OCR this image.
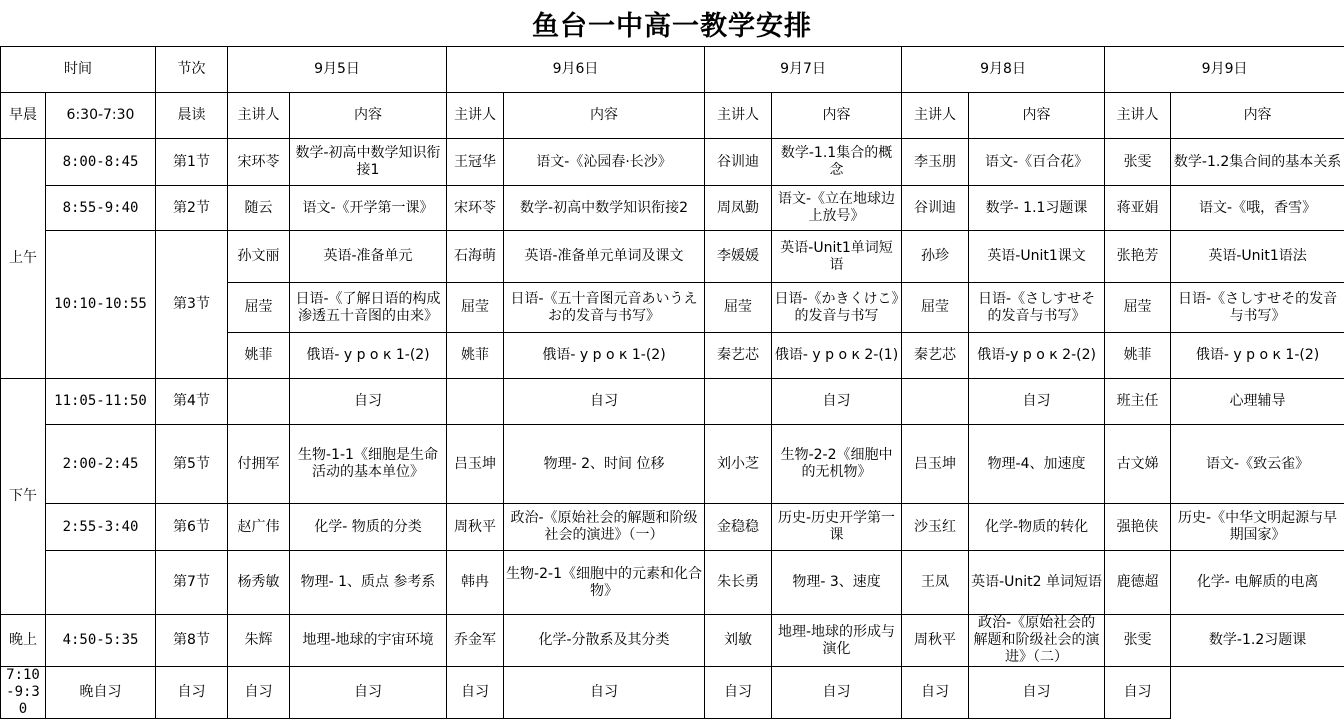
鱼台一中高一教学安排
时间		节次	9月5日		9月6日		9月7日		9月8日		9月9日	
早晨	6:30-7:30	晨读	主讲人	内容	主讲人	内容	主讲人	内容	主讲人	内容	主讲人	内容
上午	8:00-8:45	第1节	宋环苓	数学-初高中数学知识衔接1	王冠华	语文-《沁园春·长沙》	谷训迪	数学-1.1集合的概念	李玉朋	语文-《百合花》	张雯	数学-1.2集合间的基本关系
	8:55-9:40	第2节	随云	语文-《开学第一课》	宋环苓	数学-初高中数学知识衔接2	周凤勤	语文-《立在地球边上放号》	谷训迪	数学- 1.1习题课	蒋亚娟	语文-《哦，香雪》
	10:10-10:55	第3节	孙文丽	英语-准备单元	石海萌	英语-准备单元单词及课文	李媛媛	英语-Unit1单词短语	孙珍	英语-Unit1课文	张艳芳	英语-Unit1语法
			屈莹	日语-《了解日语的构成渗透五十音图的由来》	屈莹	日语-《五十音图元音あいうえお的发音与书写》	屈莹	日语-《かきくけこ》的发音与书写	屈莹	日语-《さしすせそ的发音与书写》	屈莹	日语-《さしすせそ的发音与书写》
			姚菲	俄语- у р о к 1-(2)	姚菲	俄语- у р о к 1-(2)	秦艺芯	俄语- у р о к 2-(1)	秦艺芯	俄语-у р о к 2-(2)	姚菲	俄语- у р о к 1-(2)
下午	11:05-11:50	第4节		自习		自习		自习		自习	班主任	心理辅导
	2:00-2:45	第5节	付拥军	生物-1-1《细胞是生命活动的基本单位》	吕玉坤	物理- 2、时间 位移	刘小芝	生物-2-2《细胞中的无机物》	吕玉坤	物理-4、加速度	古文娣	语文-《致云雀》
	2:55-3:40	第6节	赵广伟	化学- 物质的分类	周秋平	政治-《原始社会的解题和阶级社会的演进》（一）	金稳稳	历史-历史开学第一课	沙玉红	化学-物质的转化	强艳侠	历史-《中华文明起源与早期国家》
		第7节	杨秀敏	物理- 1、质点 参考系	韩冉	生物-2-1《细胞中的元素和化合物》	朱长勇	物理- 3、速度	王凤	英语-Unit2 单词短语	鹿德超	化学- 电解质的电离
晚上	4:50-5:35	第8节	朱辉	地理-地球的宇宙环境	乔金军	化学-分散系及其分类	刘敏	地理-地球的形成与演化	周秋平	政治-《原始社会的解题和阶级社会的演进》（二）	张雯	数学-1.2习题课
7:10-9:30	晚自习	自习	自习	自习	自习	自习	自习	自习	自习	自习	自习	
